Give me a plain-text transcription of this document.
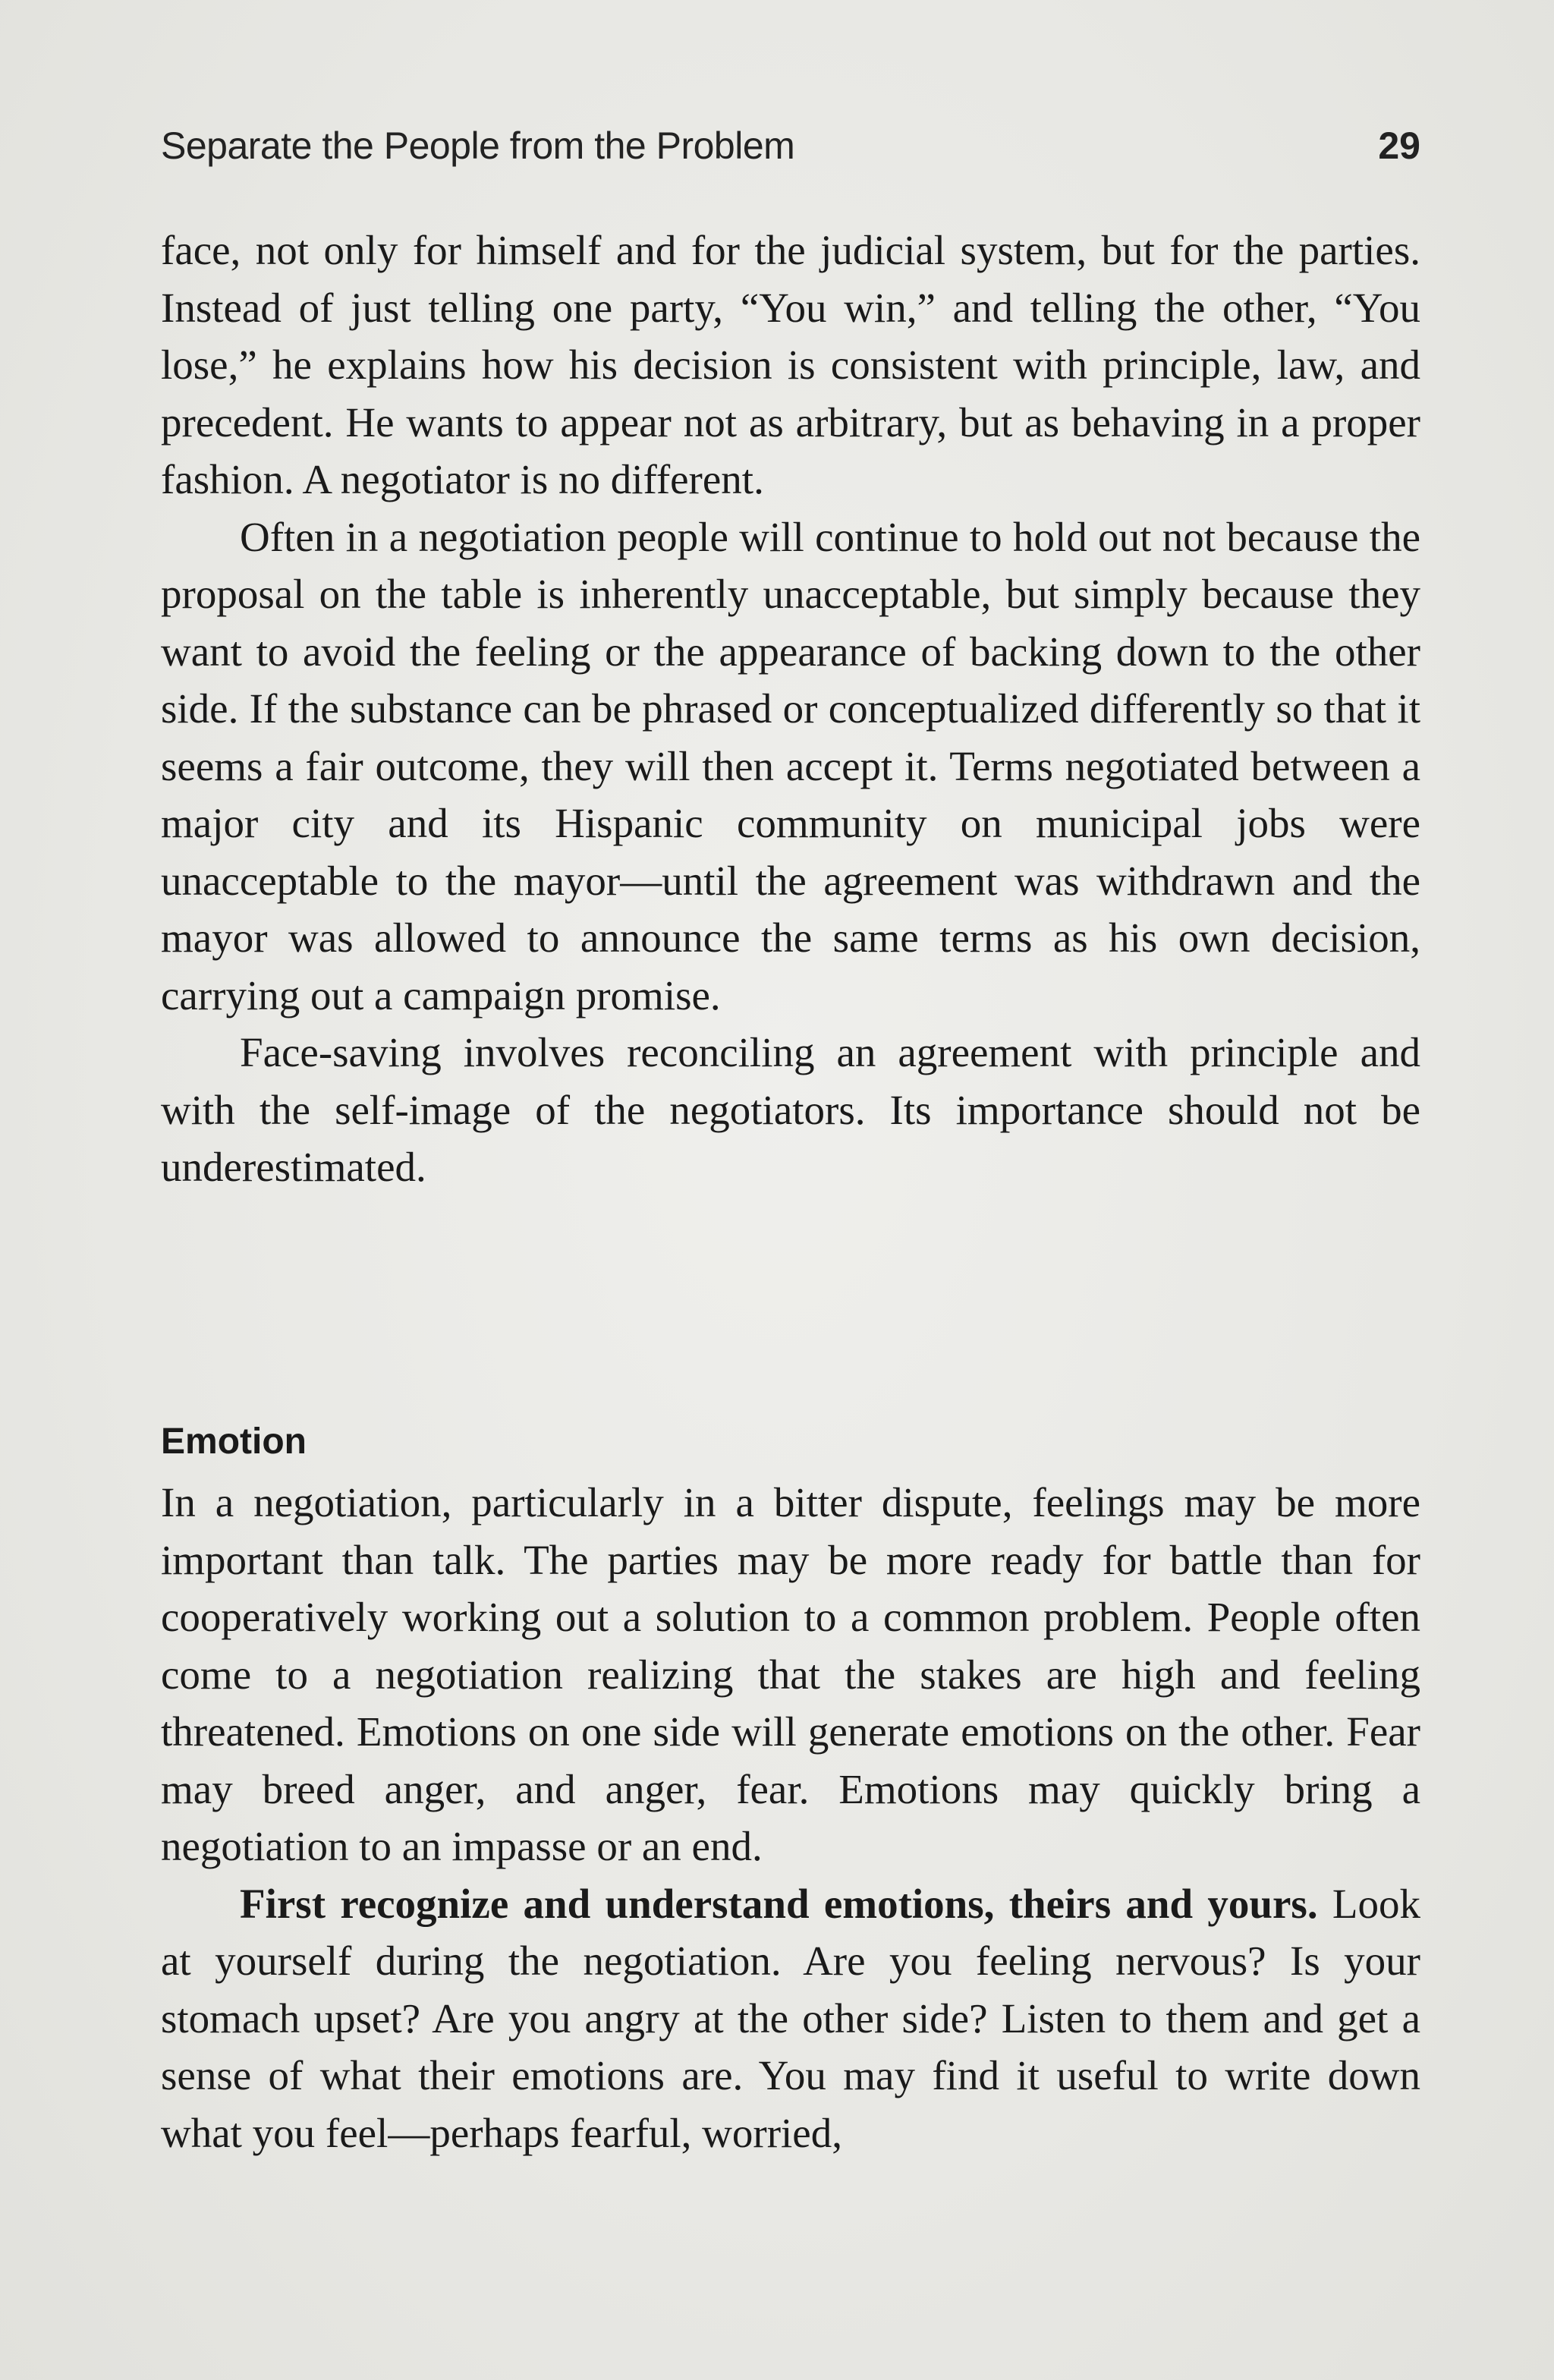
Separate the People from the Problem	29

face, not only for himself and for the judicial system, but for the parties. Instead of just telling one party, “You win,” and telling the other, “You lose,” he explains how his decision is consistent with principle, law, and precedent. He wants to appear not as arbitrary, but as behaving in a proper fashion. A negotiator is no different.

Often in a negotiation people will continue to hold out not because the proposal on the table is inherently unacceptable, but simply because they want to avoid the feeling or the appearance of backing down to the other side. If the substance can be phrased or conceptualized differently so that it seems a fair outcome, they will then accept it. Terms negotiated between a major city and its Hispanic community on municipal jobs were unacceptable to the mayor—until the agreement was withdrawn and the mayor was allowed to announce the same terms as his own decision, carrying out a campaign promise.

Face-saving involves reconciling an agreement with principle and with the self-image of the negotiators. Its importance should not be underestimated.

Emotion

In a negotiation, particularly in a bitter dispute, feelings may be more important than talk. The parties may be more ready for battle than for cooperatively working out a solution to a common problem. People often come to a negotiation realizing that the stakes are high and feeling threatened. Emotions on one side will generate emotions on the other. Fear may breed anger, and anger, fear. Emotions may quickly bring a negotiation to an impasse or an end.

First recognize and understand emotions, theirs and yours. Look at yourself during the negotiation. Are you feeling nervous? Is your stomach upset? Are you angry at the other side? Listen to them and get a sense of what their emotions are. You may find it useful to write down what you feel—perhaps fearful, worried,
